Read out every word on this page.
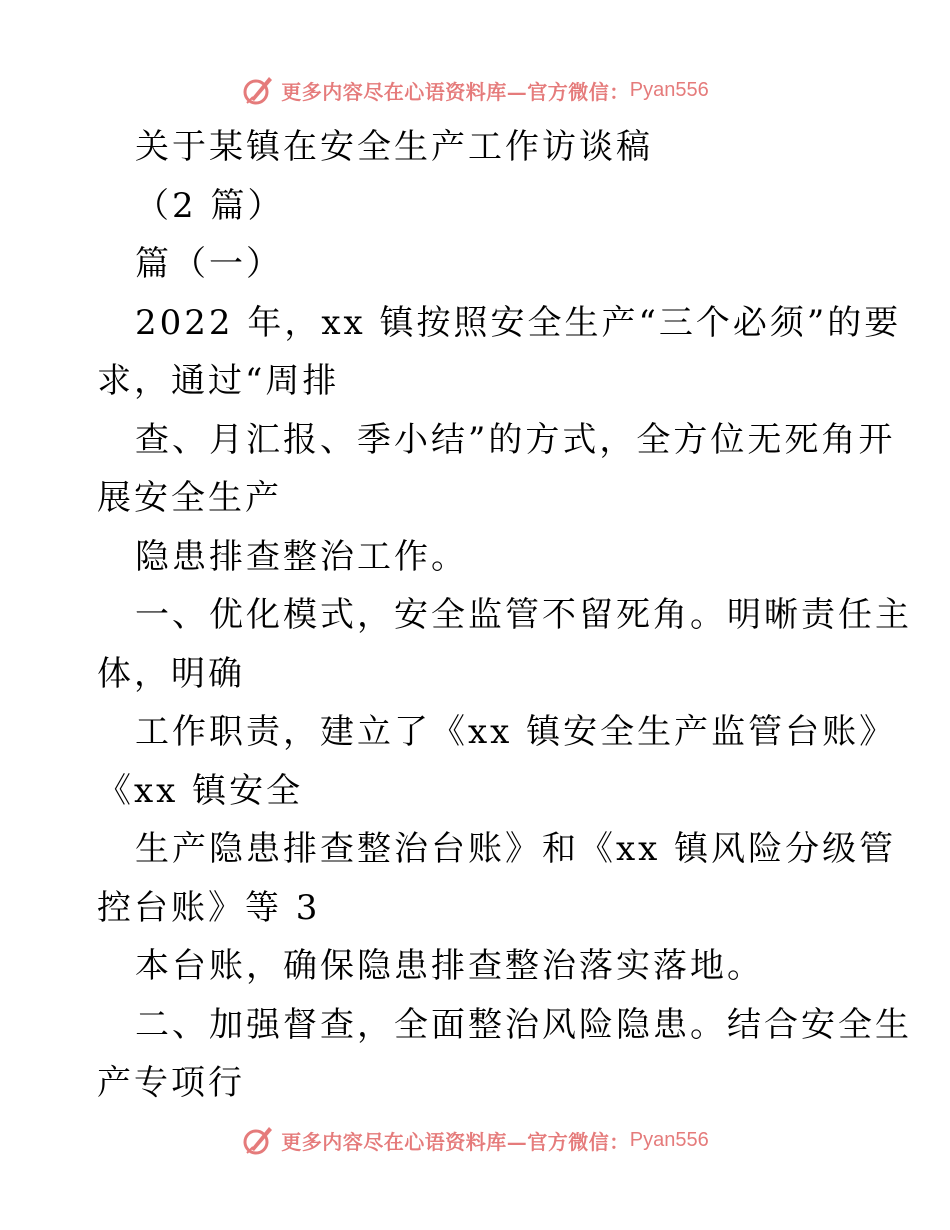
更多内容尽在心语资料库—官方微信： Pyan556
关于某镇在安全生产工作访谈稿
（2 篇）
篇（一）
2022 年，xx 镇按照安全生产“三个必须”的要
求，通过“周排
查、月汇报、季小结”的方式，全方位无死角开
展安全生产
隐患排查整治工作。
一、优化模式，安全监管不留死角。明晰责任主
体，明确
工作职责，建立了《xx 镇安全生产监管台账》
《xx 镇安全
生产隐患排查整治台账》和《xx 镇风险分级管
控台账》等 3
本台账，确保隐患排查整治落实落地。
二、加强督查，全面整治风险隐患。结合安全生
产专项行
更多内容尽在心语资料库—官方微信： Pyan556
